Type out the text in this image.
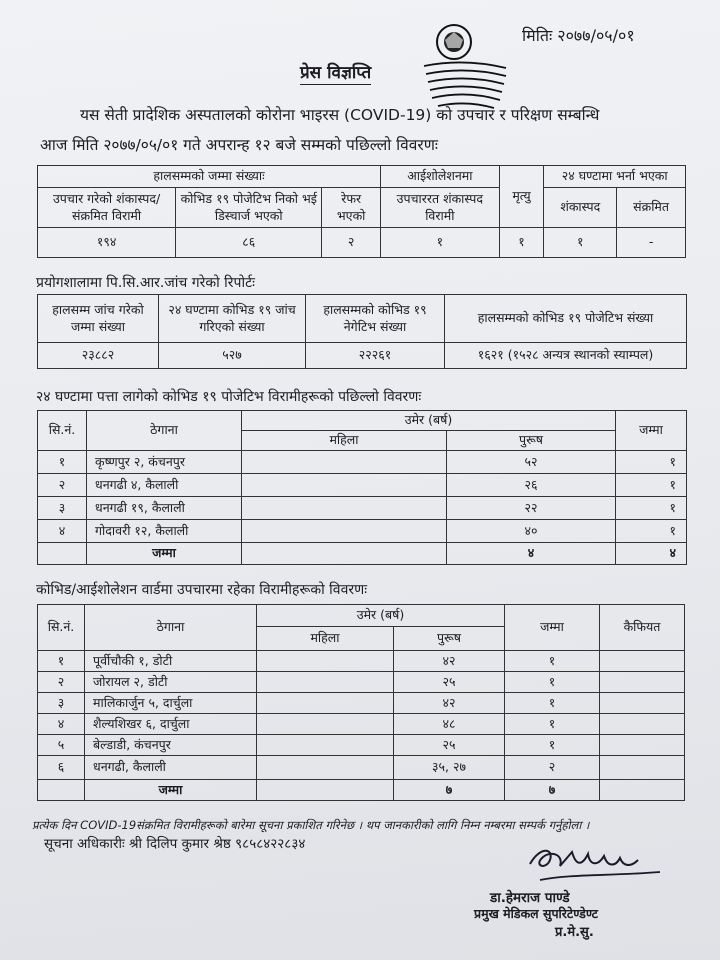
मितिः २०७७/०५/०१
प्रेस विज्ञप्ति
यस सेती प्रादेशिक अस्पतालको कोरोना भाइरस (COVID-19) को उपचार र परिक्षण सम्बन्धि
आज मिति २०७७/०५/०१ गते अपरान्ह १२ बजे सम्मको पछिल्लो विवरणः
हालसम्मको जम्मा संख्याः			आईशोलेशनमा	मृत्यु	२४ घण्टामा भर्ना भएका	
उपचार गरेको शंकास्पद/संक्रमित विरामी	कोभिड १९ पोजेटिभ निको भई डिस्चार्ज भएको	रेफर भएको	उपचाररत शंकास्पद विरामी		शंकास्पद	संक्रमित
१९४	८६	२	१	१	१	-
प्रयोगशालामा पि.सि.आर.जांच गरेको रिपोर्टः
हालसम्म जांच गरेको जम्मा संख्या	२४ घण्टामा कोभिड १९ जांच गरिएको संख्या	हालसम्मको कोभिड १९ नेगेटिभ संख्या	हालसम्मको कोभिड १९ पोजेटिभ संख्या
२३८८२	५२७	२२२६१	१६२१ (१५२८ अन्यत्र स्थानको स्याम्पल)
२४ घण्टामा पत्ता लागेको कोभिड १९ पोजेटिभ विरामीहरूको पछिल्लो विवरणः
सि.नं.	ठेगाना	उमेर (बर्ष)		जम्मा
		महिला	पुरूष	
१	कृष्णपुर २, कंचनपुर		५२	१
२	धनगढी ४, कैलाली		२६	१
३	धनगढी १९, कैलाली		२२	१
४	गोदावरी १२, कैलाली		४०	१
	जम्मा		४	४
कोभिड/आईशोलेशन वार्डमा उपचारमा रहेका विरामीहरूको विवरणः
सि.नं.	ठेगाना	उमेर (बर्ष)		जम्मा	कैफियत
		महिला	पुरूष		
१	पूर्वीचौकी १, डोटी		४२	१	
२	जोरायल २, डोटी		२५	१	
३	मालिकार्जुन ५, दार्चुला		४२	१	
४	शैल्यशिखर ६, दार्चुला		४८	१	
५	बेल्डाडी, कंचनपुर		२५	१	
६	धनगढी, कैलाली		३५, २७	२	
	जम्मा		७	७	
प्रत्येक दिन COVID-19संक्रमित विरामीहरूको बारेमा सूचना प्रकाशित गरिनेछ । थप जानकारीको लागि निम्न नम्बरमा सम्पर्क गर्नुहोला ।
सूचना अधिकारीः श्री दिलिप कुमार श्रेष्ठ ९८५८४२२८३४
डा.हेमराज पाण्डे
प्रमुख मेडिकल सुपरिटेण्डेण्ट
प्र.मे.सु.
